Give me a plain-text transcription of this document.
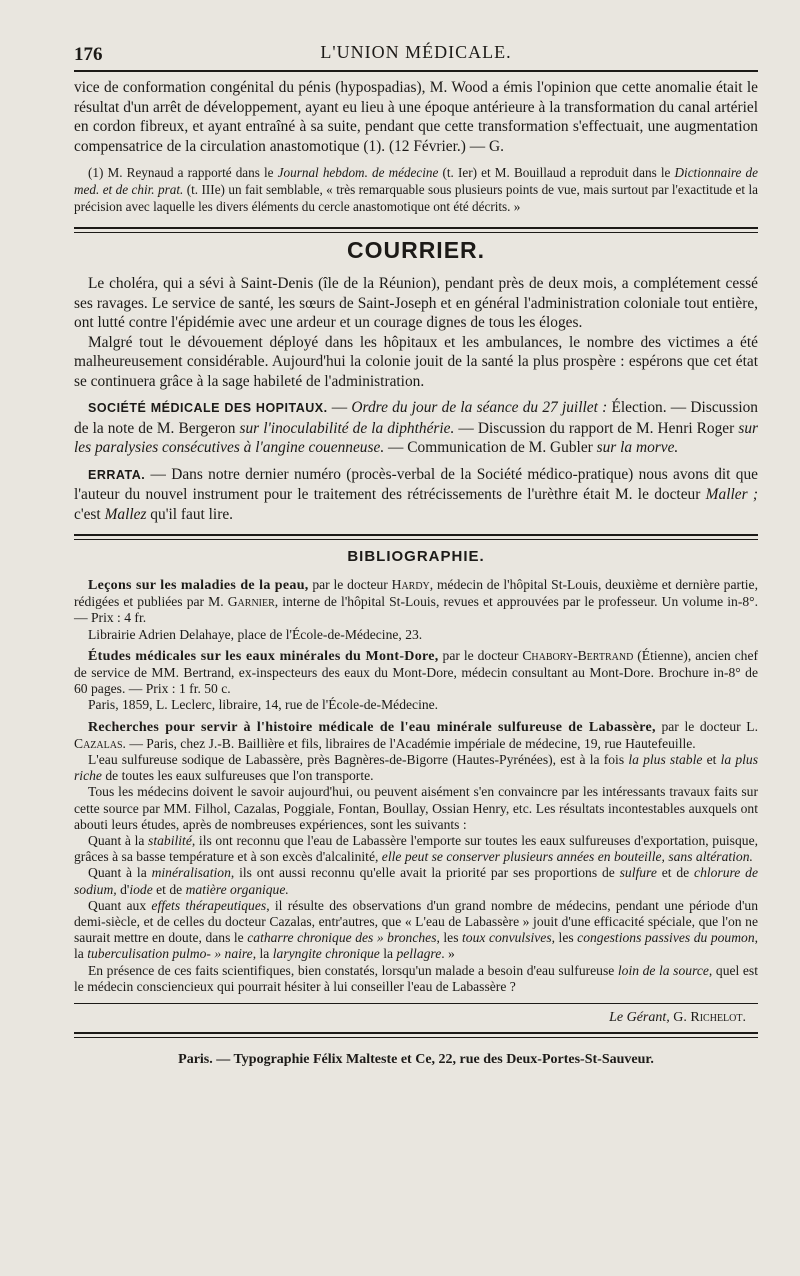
176	L'UNION MÉDICALE.

vice de conformation congénital du pénis (hypospadias), M. Wood a émis l'opinion que cette anomalie était le résultat d'un arrêt de développement, ayant eu lieu à une époque antérieure à la transformation du canal artériel en cordon fibreux, et ayant entraîné à sa suite, pendant que cette transformation s'effectuait, une augmentation compensatrice de la circulation anastomotique (1). (12 Février.) — G.

(1) M. Reynaud a rapporté dans le Journal hebdom. de médecine (t. Ier) et M. Bouillaud a reproduit dans le Dictionnaire de med. et de chir. prat. (t. IIIe) un fait semblable, « très remarquable sous plusieurs points de vue, mais surtout par l'exactitude et la précision avec laquelle les divers éléments du cercle anastomotique ont été décrits. »

COURRIER.

Le choléra, qui a sévi à Saint-Denis (île de la Réunion), pendant près de deux mois, a complétement cessé ses ravages. Le service de santé, les sœurs de Saint-Joseph et en général l'administration coloniale tout entière, ont lutté contre l'épidémie avec une ardeur et un courage dignes de tous les éloges.

Malgré tout le dévouement déployé dans les hôpitaux et les ambulances, le nombre des victimes a été malheureusement considérable. Aujourd'hui la colonie jouit de la santé la plus prospère : espérons que cet état se continuera grâce à la sage habileté de l'administration.

SOCIÉTÉ MÉDICALE DES HOPITAUX. — Ordre du jour de la séance du 27 juillet : Élection. — Discussion de la note de M. Bergeron sur l'inoculabilité de la diphthérie. — Discussion du rapport de M. Henri Roger sur les paralysies consécutives à l'angine couenneuse. — Communication de M. Gubler sur la morve.

ERRATA. — Dans notre dernier numéro (procès-verbal de la Société médico-pratique) nous avons dit que l'auteur du nouvel instrument pour le traitement des rétrécissements de l'urèthre était M. le docteur Maller ; c'est Mallez qu'il faut lire.

BIBLIOGRAPHIE.

Leçons sur les maladies de la peau, par le docteur Hardy, médecin de l'hôpital St-Louis, deuxième et dernière partie, rédigées et publiées par M. Garnier, interne de l'hôpital St-Louis, revues et approuvées par le professeur. Un volume in-8°. — Prix : 4 fr.

Librairie Adrien Delahaye, place de l'École-de-Médecine, 23.

Études médicales sur les eaux minérales du Mont-Dore, par le docteur Chabory-Bertrand (Étienne), ancien chef de service de MM. Bertrand, ex-inspecteurs des eaux du Mont-Dore, médecin consultant au Mont-Dore. Brochure in-8° de 60 pages. — Prix : 1 fr. 50 c.

Paris, 1859, L. Leclerc, libraire, 14, rue de l'École-de-Médecine.

Recherches pour servir à l'histoire médicale de l'eau minérale sulfureuse de Labassère, par le docteur L. Cazalas. — Paris, chez J.-B. Baillière et fils, libraires de l'Académie impériale de médecine, 19, rue Hautefeuille.

L'eau sulfureuse sodique de Labassère, près Bagnères-de-Bigorre (Hautes-Pyrénées), est à la fois la plus stable et la plus riche de toutes les eaux sulfureuses que l'on transporte.

Tous les médecins doivent le savoir aujourd'hui, ou peuvent aisément s'en convaincre par les intéressants travaux faits sur cette source par MM. Filhol, Cazalas, Poggiale, Fontan, Boullay, Ossian Henry, etc. Les résultats incontestables auxquels ont abouti leurs études, après de nombreuses expériences, sont les suivants :

Quant à la stabilité, ils ont reconnu que l'eau de Labassère l'emporte sur toutes les eaux sulfureuses d'exportation, puisque, grâces à sa basse température et à son excès d'alcalinité, elle peut se conserver plusieurs années en bouteille, sans altération.

Quant à la minéralisation, ils ont aussi reconnu qu'elle avait la priorité par ses proportions de sulfure et de chlorure de sodium, d'iode et de matière organique.

Quant aux effets thérapeutiques, il résulte des observations d'un grand nombre de médecins, pendant une période d'un demi-siècle, et de celles du docteur Cazalas, entr'autres, que « L'eau de Labassère » jouit d'une efficacité spéciale, que l'on ne saurait mettre en doute, dans le catharre chronique des » bronches, les toux convulsives, les congestions passives du poumon, la tuberculisation pulmo- » naire, la laryngite chronique la pellagre. »

En présence de ces faits scientifiques, bien constatés, lorsqu'un malade a besoin d'eau sulfureuse loin de la source, quel est le médecin consciencieux qui pourrait hésiter à lui conseiller l'eau de Labassère ?

Le Gérant, G. Richelot.
Paris. — Typographie Félix Malteste et Ce, 22, rue des Deux-Portes-St-Sauveur.
